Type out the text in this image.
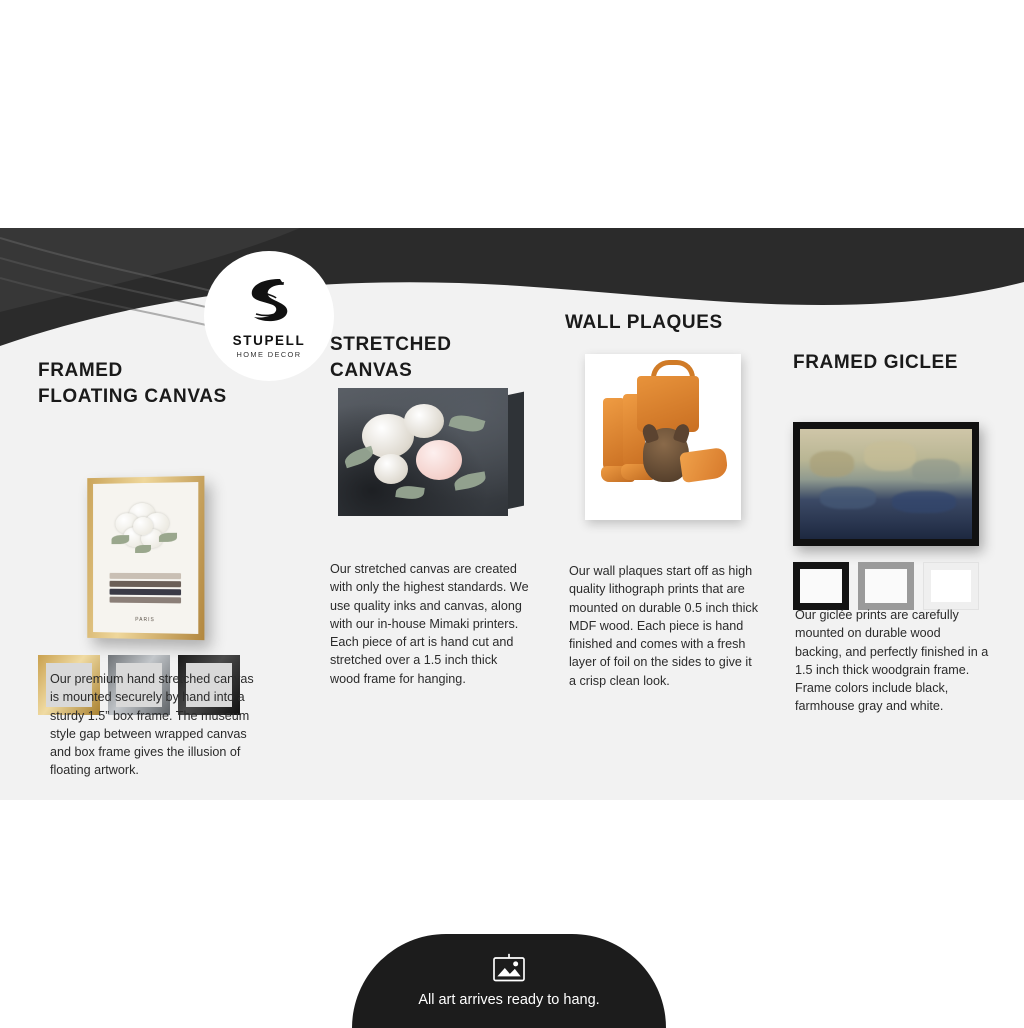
All art arrives ready to hang.
STUPELL
HOME DECOR
FRAMED
FLOATING CANVAS
PARIS

Our premium hand stretched canvas is mounted securely by hand into a sturdy 1.5” box frame. The museum style gap between wrapped canvas and box frame gives the illusion of floating artwork.

STRETCHED
CANVAS

Our stretched canvas are created with only the highest standards. We use quality inks and canvas, along with our in-house Mimaki printers. Each piece of art is hand cut and stretched over a 1.5 inch thick wood frame for hanging.

WALL PLAQUES

Our wall plaques start off as high quality lithograph prints that are mounted on durable 0.5 inch thick MDF wood. Each piece is hand finished and comes with a fresh layer of foil on the sides to give it a crisp clean look.

FRAMED GICLEE

Our giclée prints are carefully mounted on durable wood backing, and perfectly finished in a 1.5 inch thick woodgrain frame. Frame colors include black, farmhouse gray and white.
